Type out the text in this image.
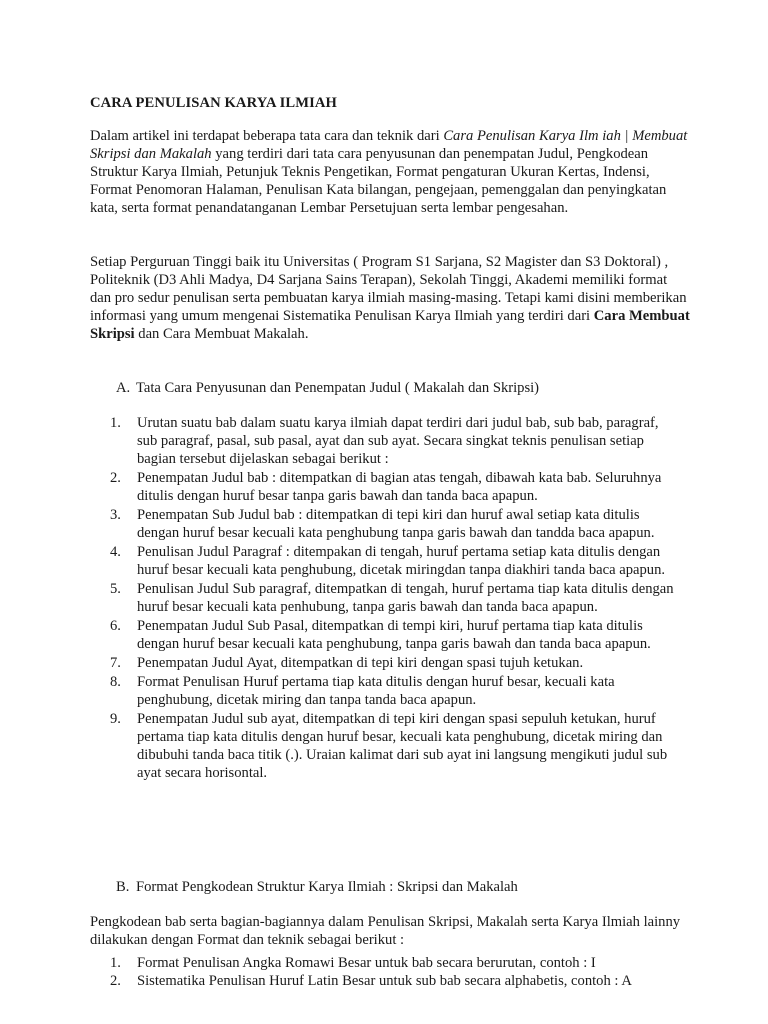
CARA PENULISAN KARYA ILMIAH

Dalam artikel ini terdapat beberapa tata cara dan teknik dari Cara Penulisan Karya Ilm iah | Membuat Skripsi dan Makalah yang terdiri dari tata cara penyusunan dan penempatan Judul, Pengkodean Struktur Karya Ilmiah, Petunjuk Teknis Pengetikan, Format pengaturan Ukuran Kertas, Indensi, Format Penomoran Halaman, Penulisan Kata bilangan, pengejaan, pemenggalan dan penyingkatan kata, serta format penandatanganan Lembar Persetujuan serta lembar pengesahan.

Setiap Perguruan Tinggi baik itu Universitas ( Program S1 Sarjana, S2 Magister dan S3 Doktoral) , Politeknik (D3 Ahli Madya, D4 Sarjana Sains Terapan), Sekolah Tinggi, Akademi memiliki format dan pro sedur penulisan serta pembuatan karya ilmiah masing-masing. Tetapi kami disini memberikan informasi yang umum mengenai Sistematika Penulisan Karya Ilmiah yang terdiri dari Cara Membuat Skripsi dan Cara Membuat Makalah.

A. Tata Cara Penyusunan dan Penempatan Judul ( Makalah dan Skripsi)
1. Urutan suatu bab dalam suatu karya ilmiah dapat terdiri dari judul bab, sub bab, paragraf, sub paragraf, pasal, sub pasal, ayat dan sub ayat. Secara singkat teknis penulisan setiap bagian tersebut dijelaskan sebagai berikut :
2. Penempatan Judul bab : ditempatkan di bagian atas tengah, dibawah kata bab. Seluruhnya ditulis dengan huruf besar tanpa garis bawah dan tanda baca apapun.
3. Penempatan Sub Judul bab : ditempatkan di tepi kiri dan huruf awal setiap kata ditulis dengan huruf besar kecuali kata penghubung tanpa garis bawah dan tandda baca apapun.
4. Penulisan Judul Paragraf : ditempakan di tengah, huruf pertama setiap kata ditulis dengan huruf besar kecuali kata penghubung, dicetak miringdan tanpa diakhiri tanda baca apapun.
5. Penulisan Judul Sub paragraf, ditempatkan di tengah, huruf pertama tiap kata ditulis dengan huruf besar kecuali kata penhubung, tanpa garis bawah dan tanda baca apapun.
6. Penempatan Judul Sub Pasal, ditempatkan di tempi kiri, huruf pertama tiap kata ditulis dengan huruf besar kecuali kata penghubung, tanpa garis bawah dan tanda baca apapun.
7. Penempatan Judul Ayat, ditempatkan di tepi kiri dengan spasi tujuh ketukan.
8. Format Penulisan Huruf pertama tiap kata ditulis dengan huruf besar, kecuali kata penghubung, dicetak miring dan tanpa tanda baca apapun.
9. Penempatan Judul sub ayat, ditempatkan di tepi kiri dengan spasi sepuluh ketukan, huruf pertama tiap kata ditulis dengan huruf besar, kecuali kata penghubung, dicetak miring dan dibubuhi tanda baca titik (.). Uraian kalimat dari sub ayat ini langsung mengikuti judul sub ayat secara horisontal.
B. Format Pengkodean Struktur Karya Ilmiah : Skripsi dan Makalah

Pengkodean bab serta bagian-bagiannya dalam Penulisan Skripsi, Makalah serta Karya Ilmiah lainny dilakukan dengan Format dan teknik sebagai berikut :

1. Format Penulisan Angka Romawi Besar untuk bab secara berurutan, contoh : I
2. Sistematika Penulisan Huruf Latin Besar untuk sub bab secara alphabetis, contoh : A
